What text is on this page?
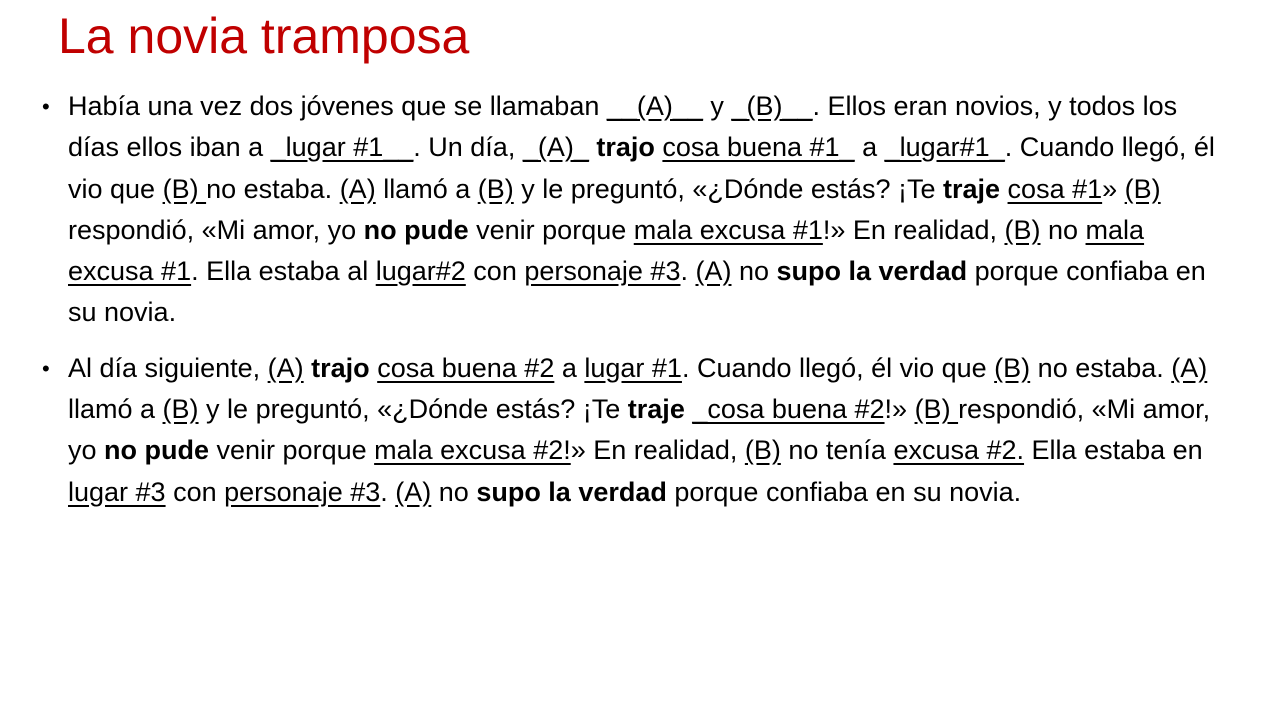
La novia tramposa
• Había una vez dos jóvenes que se llamaban __(A)__ y _(B)__. Ellos eran novios, y todos los días ellos iban a _lugar #1__. Un día, _(A)_ trajo cosa buena #1_ a _lugar#1_. Cuando llegó, él vio que (B) no estaba. (A) llamó a (B) y le preguntó, «¿Dónde estás? ¡Te traje cosa #1» (B) respondió, «Mi amor, yo no pude venir porque mala excusa #1!» En realidad, (B) no mala excusa #1. Ella estaba al lugar#2 con personaje #3. (A) no supo la verdad porque confiaba en su novia.
• Al día siguiente, (A) trajo cosa buena #2 a lugar #1. Cuando llegó, él vio que (B) no estaba. (A) llamó a (B) y le preguntó, «¿Dónde estás? ¡Te traje _cosa buena #2!» (B) respondió, «Mi amor, yo no pude venir porque mala excusa #2!» En realidad, (B) no tenía excusa #2. Ella estaba en lugar #3 con personaje #3. (A) no supo la verdad porque confiaba en su novia.
